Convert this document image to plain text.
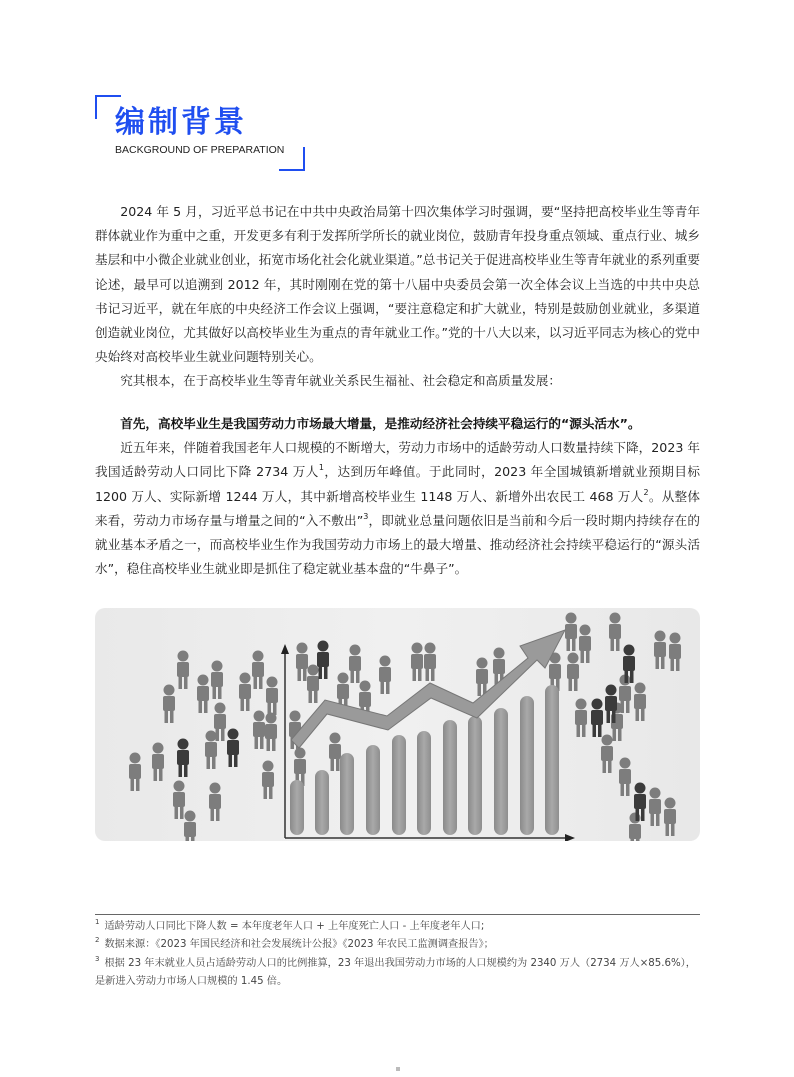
编制背景
BACKGROUND OF PREPARATION

2024 年 5 月，习近平总书记在中共中央政治局第十四次集体学习时强调，要“坚持把高校毕业生等青年群体就业作为重中之重，开发更多有利于发挥所学所长的就业岗位，鼓励青年投身重点领域、重点行业、城乡基层和中小微企业就业创业，拓宽市场化社会化就业渠道。”总书记关于促进高校毕业生等青年就业的系列重要论述，最早可以追溯到 2012 年，其时刚刚在党的第十八届中央委员会第一次全体会议上当选的中共中央总书记习近平，就在年底的中央经济工作会议上强调，“要注意稳定和扩大就业，特别是鼓励创业就业，多渠道创造就业岗位，尤其做好以高校毕业生为重点的青年就业工作。”党的十八大以来，以习近平同志为核心的党中央始终对高校毕业生就业问题特别关心。

究其根本，在于高校毕业生等青年就业关系民生福祉、社会稳定和高质量发展：

首先，高校毕业生是我国劳动力市场最大增量，是推动经济社会持续平稳运行的“源头活水”。

近五年来，伴随着我国老年人口规模的不断增大，劳动力市场中的适龄劳动人口数量持续下降，2023 年我国适龄劳动人口同比下降 2734 万人$^1$，达到历年峰值。于此同时，2023 年全国城镇新增就业预期目标 1200 万人、实际新增 1244 万人，其中新增高校毕业生 1148 万人、新增外出农民工 468 万人$^2$。从整体来看，劳动力市场存量与增量之间的“入不敷出”$^3$，即就业总量问题依旧是当前和今后一段时期内持续存在的就业基本矛盾之一，而高校毕业生作为我国劳动力市场上的最大增量、推动经济社会持续平稳运行的“源头活水”，稳住高校毕业生就业即是抓住了稳定就业基本盘的“牛鼻子”。

$^1$ 适龄劳动人口同比下降人数 = 本年度老年人口 + 上年度死亡人口 - 上年度老年人口;

$^2$ 数据来源：《2023 年国民经济和社会发展统计公报》《2023 年农民工监测调查报告》；

$^3$ 根据 23 年末就业人员占适龄劳动人口的比例推算，23 年退出我国劳动力市场的人口规模约为 2340 万人（2734 万人×85.6%），是新进入劳动力市场人口规模的 1.45 倍。
